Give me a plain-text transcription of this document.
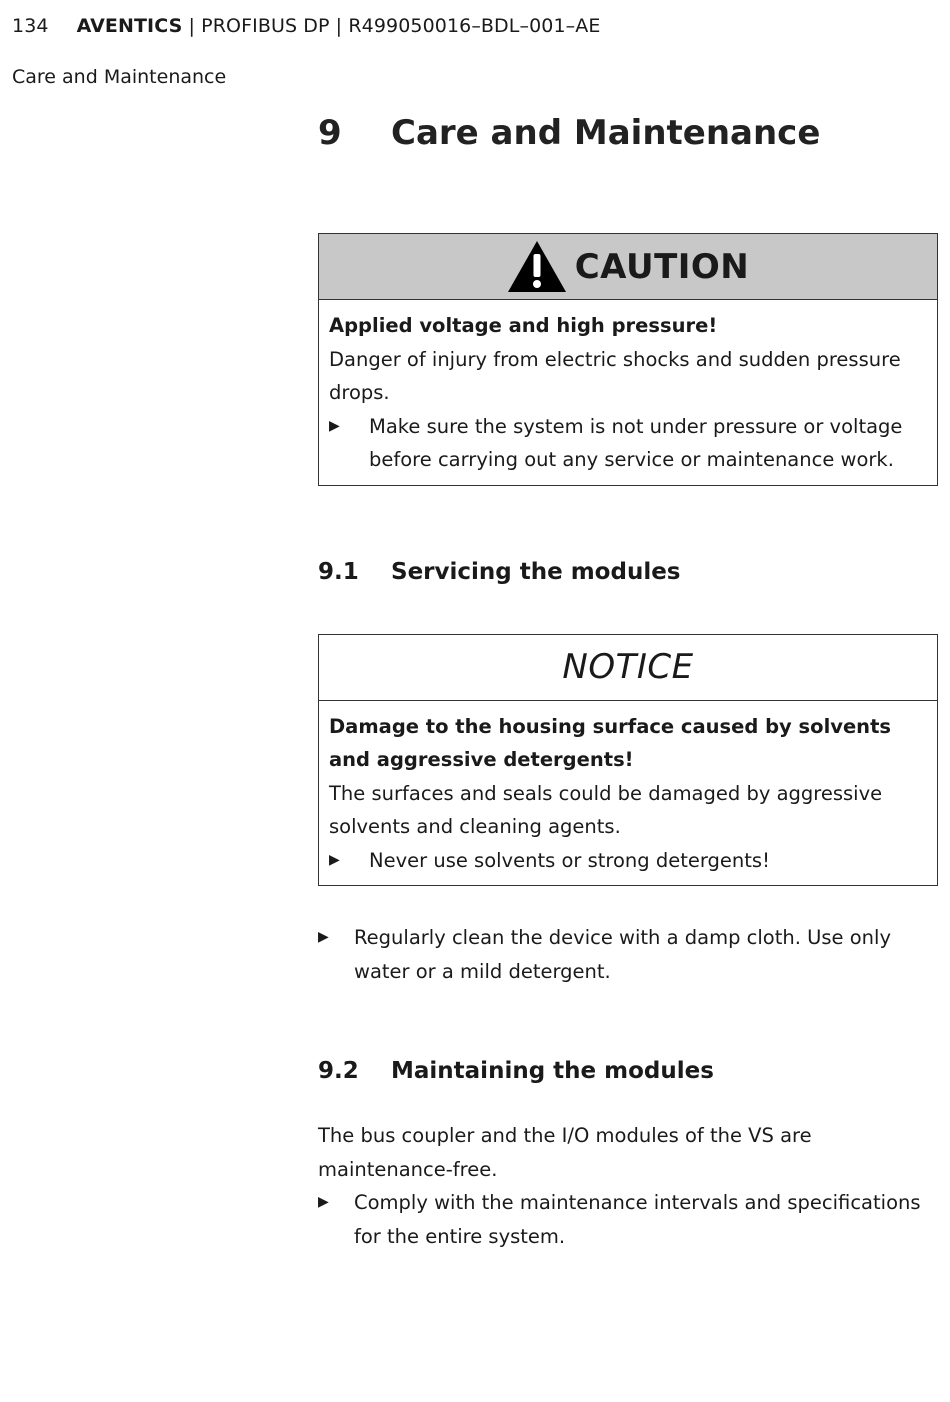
134 AVENTICS | PROFIBUS DP | R499050016–BDL–001–AE
Care and Maintenance
9	Care and Maintenance
CAUTION
Applied voltage and high pressure!
Danger of injury from electric shocks and sudden pressure drops.
▶	Make sure the system is not under pressure or voltage before carrying out any service or maintenance work.
9.1	Servicing the modules
NOTICE
Damage to the housing surface caused by solvents and aggressive detergents!
The surfaces and seals could be damaged by aggressive solvents and cleaning agents.
▶	Never use solvents or strong detergents!
▶	Regularly clean the device with a damp cloth. Use only water or a mild detergent.
9.2	Maintaining the modules
The bus coupler and the I/O modules of the VS are maintenance-free.
▶	Comply with the maintenance intervals and specifications for the entire system.
